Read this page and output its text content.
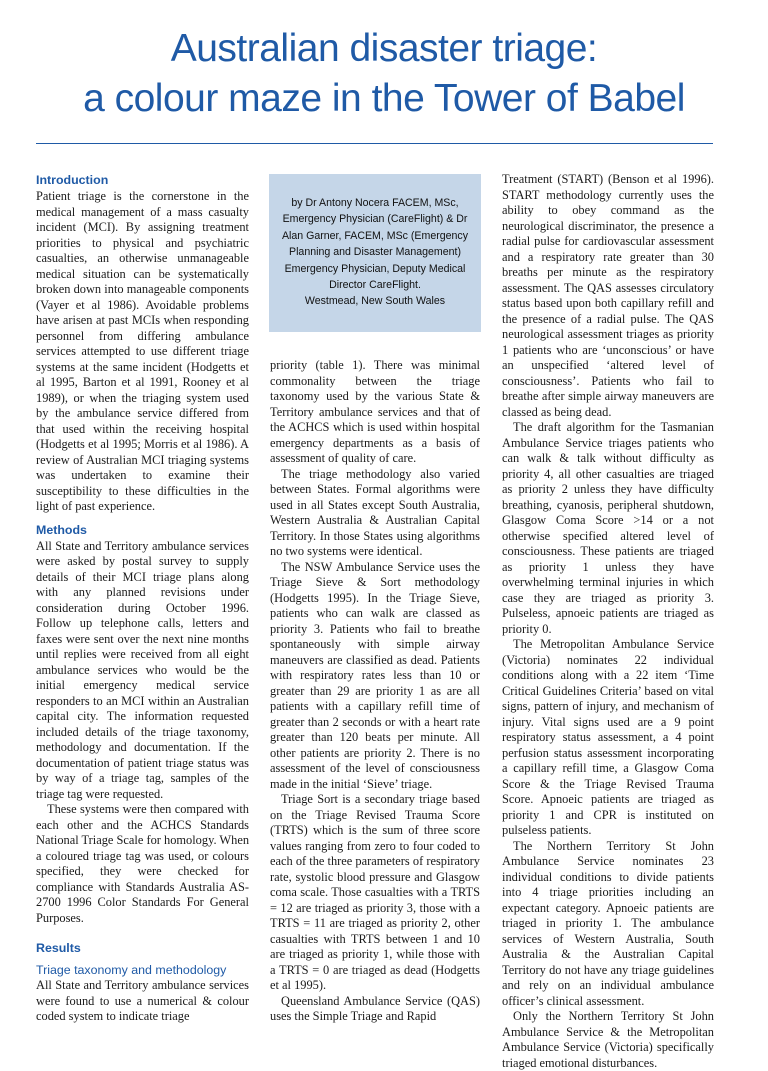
Australian disaster triage:
a colour maze in the Tower of Babel
Introduction

Patient triage is the cornerstone in the medical management of a mass casualty incident (MCI). By assigning treatment priorities to physical and psychiatric casualties, an otherwise unmanageable medical situation can be systematically broken down into manageable components (Vayer et al 1986). Avoidable problems have arisen at past MCIs when responding personnel from differing ambulance services attempted to use different triage systems at the same incident (Hodgetts et al 1995, Barton et al 1991, Rooney et al 1989), or when the triaging system used by the ambulance service differed from that used within the receiving hospital (Hodgetts et al 1995; Morris et al 1986). A review of Australian MCI triaging systems was undertaken to examine their susceptibility to these difficulties in the light of past experience.

Methods

All State and Territory ambulance services were asked by postal survey to supply details of their MCI triage plans along with any planned revisions under consideration during October 1996. Follow up telephone calls, letters and faxes were sent over the next nine months until replies were received from all eight ambulance services who would be the initial emergency medical service responders to an MCI within an Australian capital city. The information requested included details of the triage taxonomy, methodology and documentation. If the documentation of patient triage status was by way of a triage tag, samples of the triage tag were requested.

These systems were then compared with each other and the ACHCS Standards National Triage Scale for homology. When a coloured triage tag was used, or colours specified, they were checked for compliance with Standards Australia AS-2700 1996 Color Standards For General Purposes.

Results
Triage taxonomy and methodology

All State and Territory ambulance services were found to use a numerical & colour coded system to indicate triage

by Dr Antony Nocera FACEM, MSc,
Emergency Physician (CareFlight) & Dr
Alan Garner, FACEM, MSc (Emergency
Planning and Disaster Management)
Emergency Physician, Deputy Medical
Director CareFlight.
Westmead, New South Wales

priority (table 1). There was minimal commonality between the triage taxonomy used by the various State & Territory ambulance services and that of the ACHCS which is used within hospital emergency departments as a basis of assessment of quality of care.

The triage methodology also varied between States. Formal algorithms were used in all States except South Australia, Western Australia & Australian Capital Territory. In those States using algorithms no two systems were identical.

The NSW Ambulance Service uses the Triage Sieve & Sort methodology (Hodgetts 1995). In the Triage Sieve, patients who can walk are classed as priority 3. Patients who fail to breathe spontaneously with simple airway maneuvers are classified as dead. Patients with respiratory rates less than 10 or greater than 29 are priority 1 as are all patients with a capillary refill time of greater than 2 seconds or with a heart rate greater than 120 beats per minute. All other patients are priority 2. There is no assessment of the level of consciousness made in the initial ‘Sieve’ triage.

Triage Sort is a secondary triage based on the Triage Revised Trauma Score (TRTS) which is the sum of three score values ranging from zero to four coded to each of the three parameters of respiratory rate, systolic blood pressure and Glasgow coma scale. Those casualties with a TRTS = 12 are triaged as priority 3, those with a TRTS = 11 are triaged as priority 2, other casualties with TRTS between 1 and 10 are triaged as priority 1, while those with a TRTS = 0 are triaged as dead (Hodgetts et al 1995).

Queensland Ambulance Service (QAS) uses the Simple Triage and Rapid

Treatment (START) (Benson et al 1996). START methodology currently uses the ability to obey command as the neurological discriminator, the presence a radial pulse for cardiovascular assessment and a respiratory rate greater than 30 breaths per minute as the respiratory assessment. The QAS assesses circulatory status based upon both capillary refill and the presence of a radial pulse. The QAS neurological assessment triages as priority 1 patients who are ‘unconscious’ or have an unspecified ‘altered level of consciousness’. Patients who fail to breathe after simple airway maneuvers are classed as being dead.

The draft algorithm for the Tasmanian Ambulance Service triages patients who can walk & talk without difficulty as priority 4, all other casualties are triaged as priority 2 unless they have difficulty breathing, cyanosis, peripheral shutdown, Glasgow Coma Score >14 or a not otherwise specified altered level of consciousness. These patients are triaged as priority 1 unless they have overwhelming terminal injuries in which case they are triaged as priority 3. Pulseless, apnoeic patients are triaged as priority 0.

The Metropolitan Ambulance Service (Victoria) nominates 22 individual conditions along with a 22 item ‘Time Critical Guidelines Criteria’ based on vital signs, pattern of injury, and mechanism of injury. Vital signs used are a 9 point respiratory status assessment, a 4 point perfusion status assessment incorporating a capillary refill time, a Glasgow Coma Score & the Triage Revised Trauma Score. Apnoeic patients are triaged as priority 1 and CPR is instituted on pulseless patients.

The Northern Territory St John Ambulance Service nominates 23 individual conditions to divide patients into 4 triage priorities including an expectant category. Apnoeic patients are triaged in priority 1. The ambulance services of Western Australia, South Australia & the Australian Capital Territory do not have any triage guidelines and rely on an individual ambulance officer’s clinical assessment.

Only the Northern Territory St John Ambulance Service & the Metropolitan Ambulance Service (Victoria) specifically triaged emotional disturbances.
